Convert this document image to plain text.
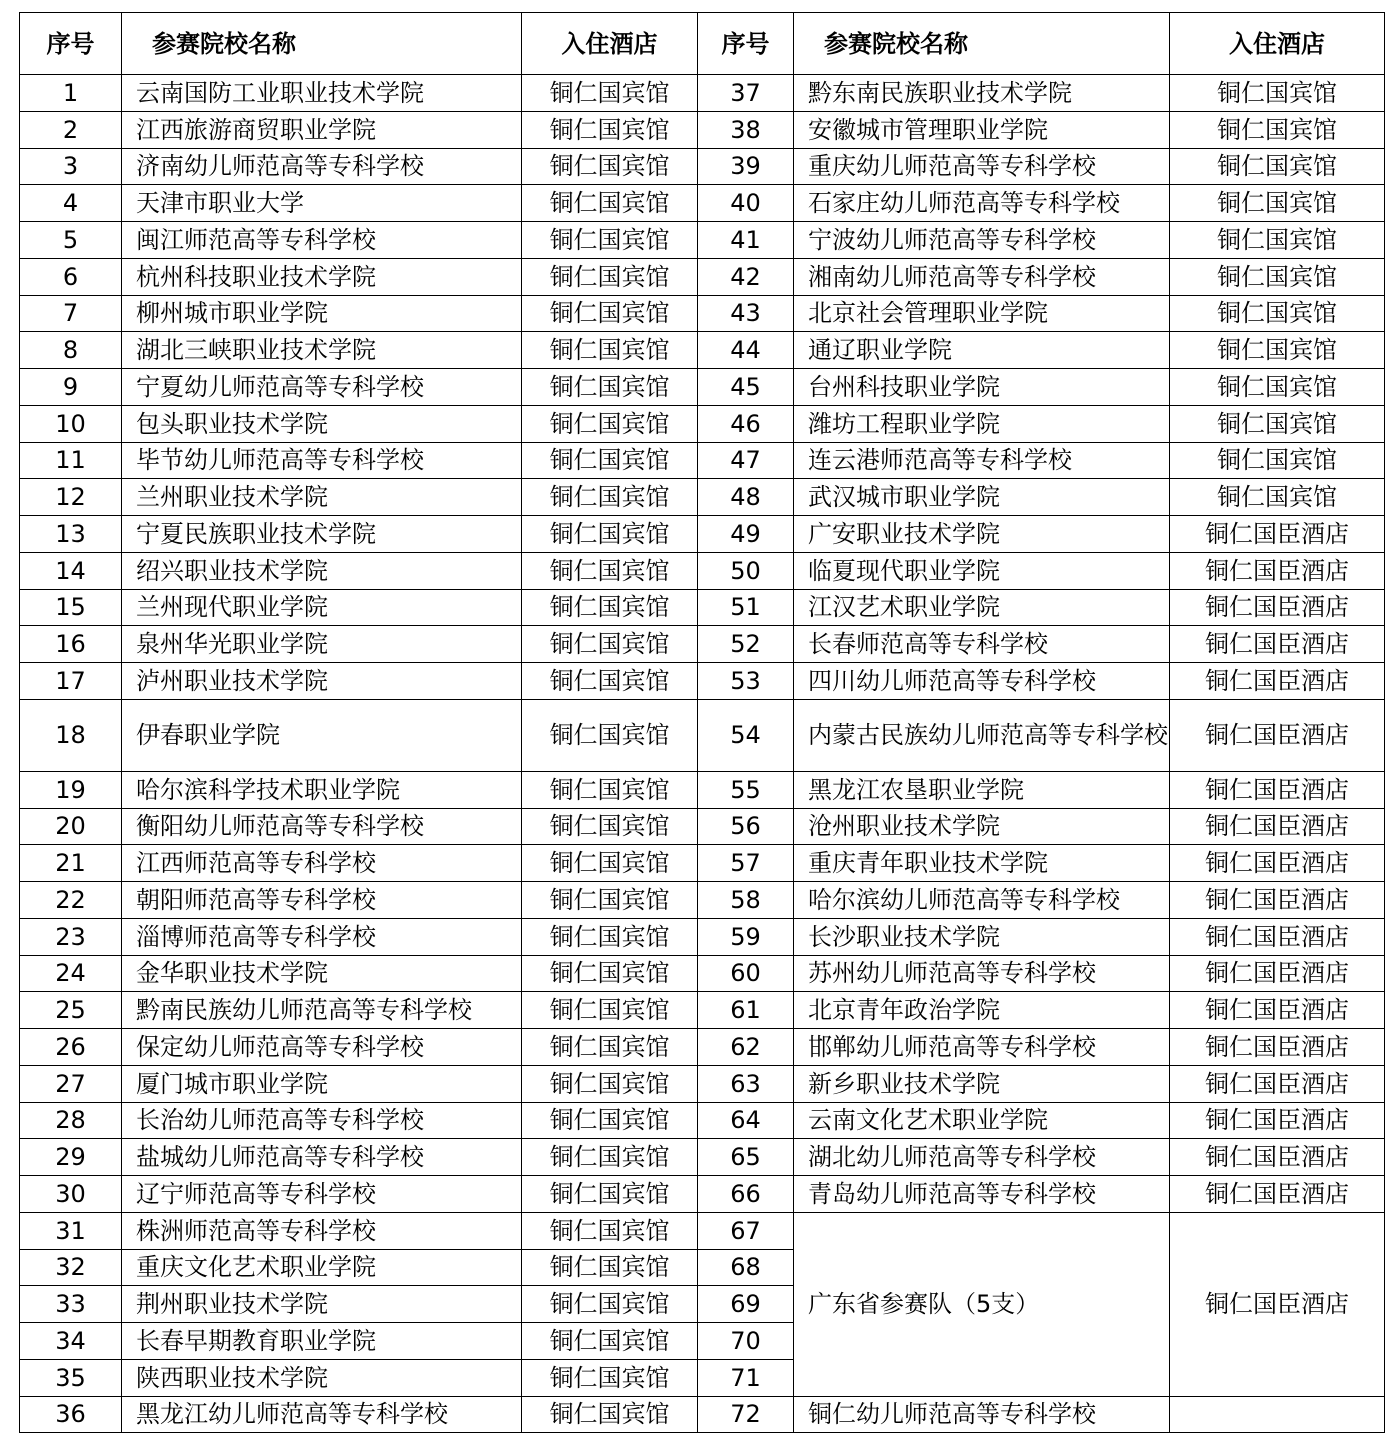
序号	参赛院校名称	入住酒店	序号	参赛院校名称	入住酒店
1	云南国防工业职业技术学院	铜仁国宾馆	37	黔东南民族职业技术学院	铜仁国宾馆
2	江西旅游商贸职业学院	铜仁国宾馆	38	安徽城市管理职业学院	铜仁国宾馆
3	济南幼儿师范高等专科学校	铜仁国宾馆	39	重庆幼儿师范高等专科学校	铜仁国宾馆
4	天津市职业大学	铜仁国宾馆	40	石家庄幼儿师范高等专科学校	铜仁国宾馆
5	闽江师范高等专科学校	铜仁国宾馆	41	宁波幼儿师范高等专科学校	铜仁国宾馆
6	杭州科技职业技术学院	铜仁国宾馆	42	湘南幼儿师范高等专科学校	铜仁国宾馆
7	柳州城市职业学院	铜仁国宾馆	43	北京社会管理职业学院	铜仁国宾馆
8	湖北三峡职业技术学院	铜仁国宾馆	44	通辽职业学院	铜仁国宾馆
9	宁夏幼儿师范高等专科学校	铜仁国宾馆	45	台州科技职业学院	铜仁国宾馆
10	包头职业技术学院	铜仁国宾馆	46	潍坊工程职业学院	铜仁国宾馆
11	毕节幼儿师范高等专科学校	铜仁国宾馆	47	连云港师范高等专科学校	铜仁国宾馆
12	兰州职业技术学院	铜仁国宾馆	48	武汉城市职业学院	铜仁国宾馆
13	宁夏民族职业技术学院	铜仁国宾馆	49	广安职业技术学院	铜仁国臣酒店
14	绍兴职业技术学院	铜仁国宾馆	50	临夏现代职业学院	铜仁国臣酒店
15	兰州现代职业学院	铜仁国宾馆	51	江汉艺术职业学院	铜仁国臣酒店
16	泉州华光职业学院	铜仁国宾馆	52	长春师范高等专科学校	铜仁国臣酒店
17	泸州职业技术学院	铜仁国宾馆	53	四川幼儿师范高等专科学校	铜仁国臣酒店
18	伊春职业学院	铜仁国宾馆	54	内蒙古民族幼儿师范高等专科学校	铜仁国臣酒店
19	哈尔滨科学技术职业学院	铜仁国宾馆	55	黑龙江农垦职业学院	铜仁国臣酒店
20	衡阳幼儿师范高等专科学校	铜仁国宾馆	56	沧州职业技术学院	铜仁国臣酒店
21	江西师范高等专科学校	铜仁国宾馆	57	重庆青年职业技术学院	铜仁国臣酒店
22	朝阳师范高等专科学校	铜仁国宾馆	58	哈尔滨幼儿师范高等专科学校	铜仁国臣酒店
23	淄博师范高等专科学校	铜仁国宾馆	59	长沙职业技术学院	铜仁国臣酒店
24	金华职业技术学院	铜仁国宾馆	60	苏州幼儿师范高等专科学校	铜仁国臣酒店
25	黔南民族幼儿师范高等专科学校	铜仁国宾馆	61	北京青年政治学院	铜仁国臣酒店
26	保定幼儿师范高等专科学校	铜仁国宾馆	62	邯郸幼儿师范高等专科学校	铜仁国臣酒店
27	厦门城市职业学院	铜仁国宾馆	63	新乡职业技术学院	铜仁国臣酒店
28	长治幼儿师范高等专科学校	铜仁国宾馆	64	云南文化艺术职业学院	铜仁国臣酒店
29	盐城幼儿师范高等专科学校	铜仁国宾馆	65	湖北幼儿师范高等专科学校	铜仁国臣酒店
30	辽宁师范高等专科学校	铜仁国宾馆	66	青岛幼儿师范高等专科学校	铜仁国臣酒店
31	株洲师范高等专科学校	铜仁国宾馆	67	广东省参赛队（5支）	铜仁国臣酒店
32	重庆文化艺术职业学院	铜仁国宾馆	68		
33	荆州职业技术学院	铜仁国宾馆	69		
34	长春早期教育职业学院	铜仁国宾馆	70		
35	陕西职业技术学院	铜仁国宾馆	71		
36	黑龙江幼儿师范高等专科学校	铜仁国宾馆	72	铜仁幼儿师范高等专科学校	
